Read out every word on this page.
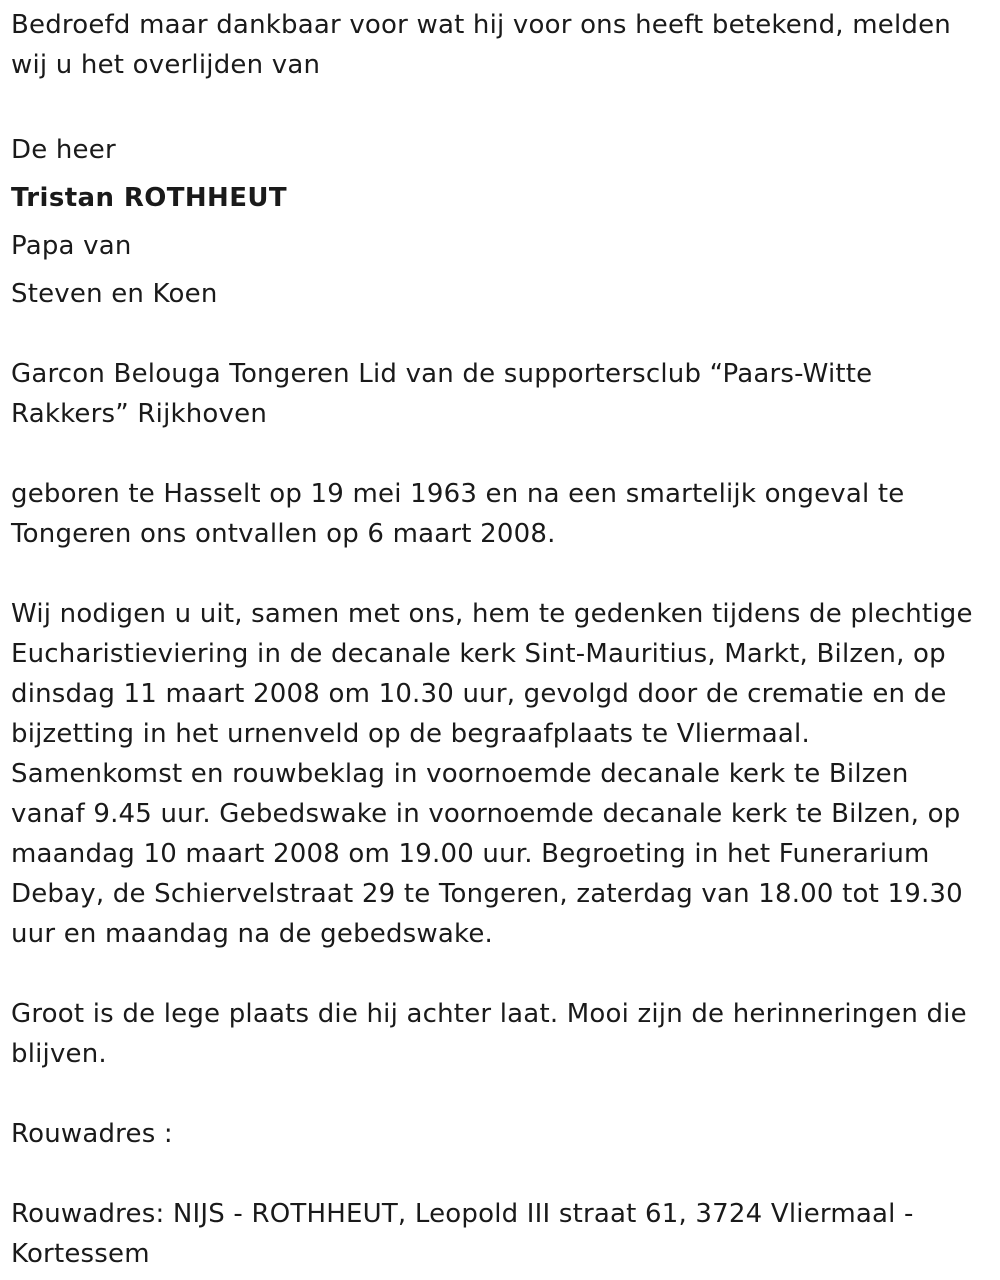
Bedroefd maar dankbaar voor wat hij voor ons heeft betekend, melden wij u het overlijden van

De heer

Tristan ROTHHEUT

Papa van

Steven en Koen

Garcon Belouga Tongeren Lid van de supportersclub “Paars-Witte Rakkers” Rijkhoven

geboren te Hasselt op 19 mei 1963 en na een smartelijk ongeval te Tongeren ons ontvallen op 6 maart 2008.

Wij nodigen u uit, samen met ons, hem te gedenken tijdens de plechtige Eucharistieviering in de decanale kerk Sint-Mauritius, Markt, Bilzen, op dinsdag 11 maart 2008 om 10.30 uur, gevolgd door de crematie en de bijzetting in het urnenveld op de begraafplaats te Vliermaal. Samenkomst en rouwbeklag in voornoemde decanale kerk te Bilzen vanaf 9.45 uur. Gebedswake in voornoemde decanale kerk te Bilzen, op maandag 10 maart 2008 om 19.00 uur. Begroeting in het Funerarium Debay, de Schiervelstraat 29 te Tongeren, zaterdag van 18.00 tot 19.30 uur en maandag na de gebedswake.

Groot is de lege plaats die hij achter laat. Mooi zijn de herinneringen die blijven.

Rouwadres :

Rouwadres: NIJS - ROTHHEUT, Leopold III straat 61, 3724 Vliermaal - Kortessem
